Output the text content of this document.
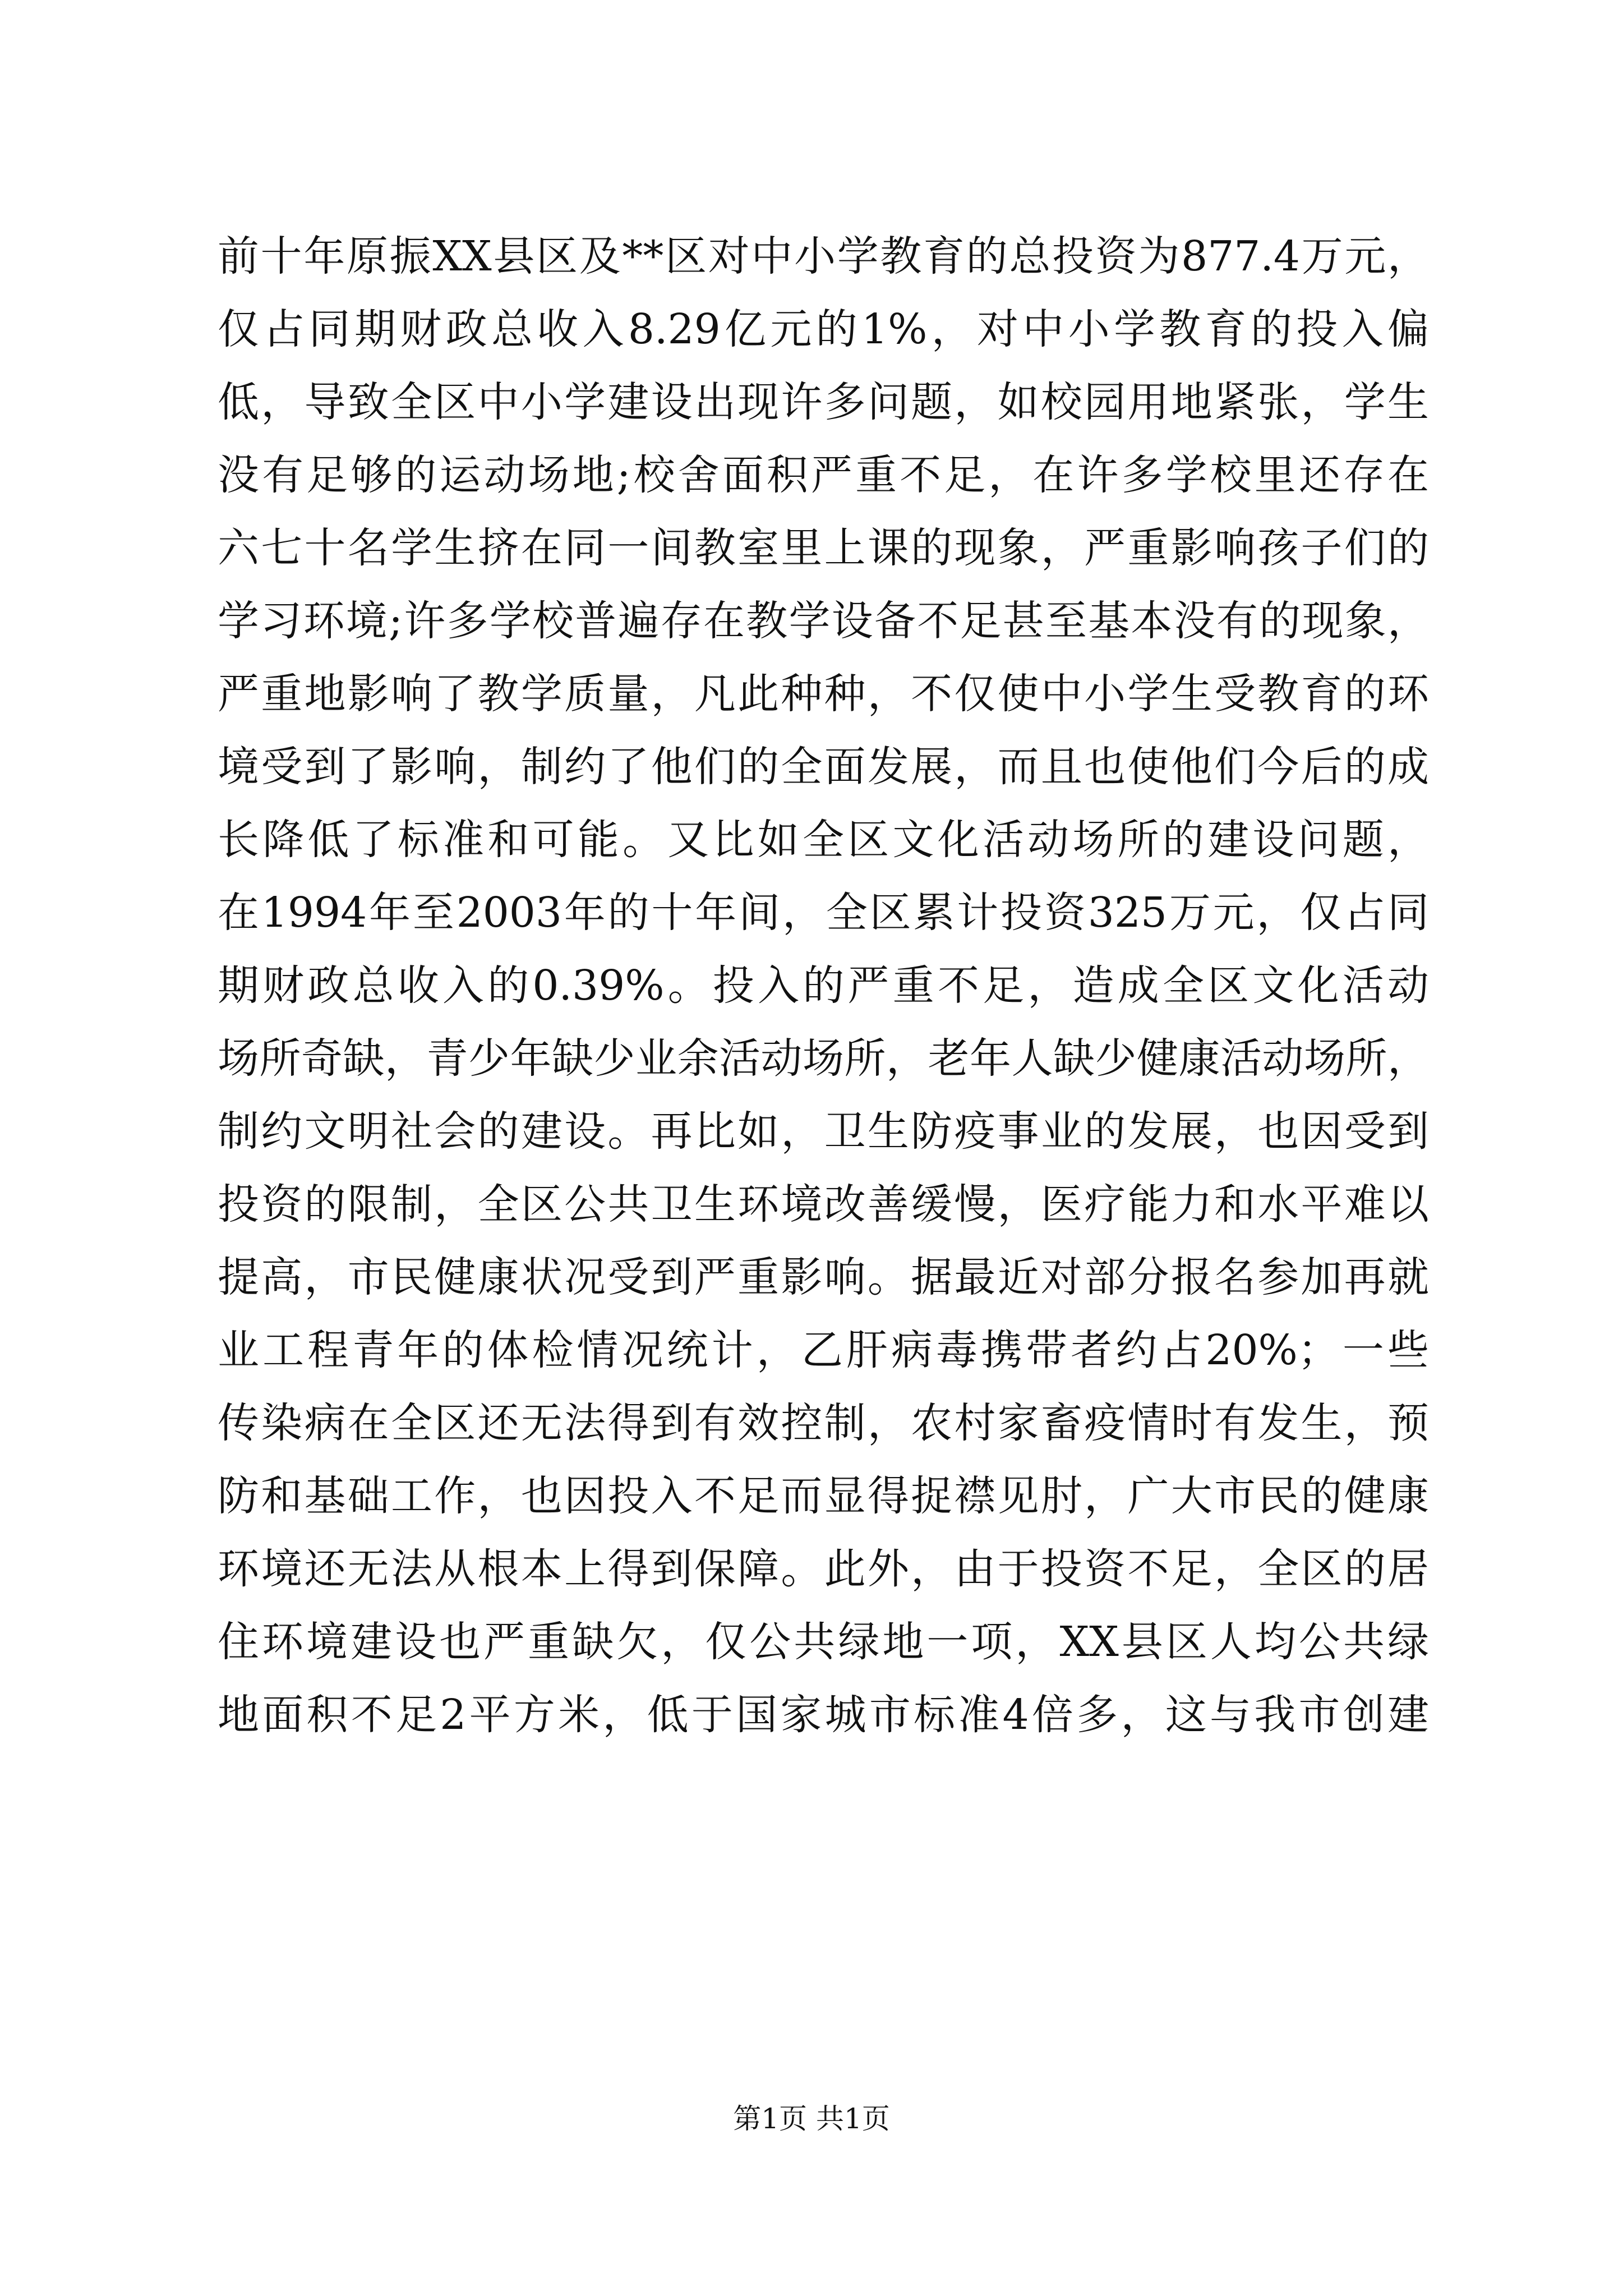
前十年原振XX县区及**区对中小学教育的总投资为877.4万元，
仅占同期财政总收入8.29亿元的1%，对中小学教育的投入偏
低，导致全区中小学建设出现许多问题，如校园用地紧张，学生
没有足够的运动场地;校舍面积严重不足，在许多学校里还存在
六七十名学生挤在同一间教室里上课的现象，严重影响孩子们的
学习环境;许多学校普遍存在教学设备不足甚至基本没有的现象，
严重地影响了教学质量，凡此种种，不仅使中小学生受教育的环
境受到了影响，制约了他们的全面发展，而且也使他们今后的成
长降低了标准和可能。又比如全区文化活动场所的建设问题，
在1994年至2003年的十年间，全区累计投资325万元，仅占同
期财政总收入的0.39%。投入的严重不足，造成全区文化活动
场所奇缺，青少年缺少业余活动场所，老年人缺少健康活动场所，
制约文明社会的建设。再比如，卫生防疫事业的发展，也因受到
投资的限制，全区公共卫生环境改善缓慢，医疗能力和水平难以
提高，市民健康状况受到严重影响。据最近对部分报名参加再就
业工程青年的体检情况统计，乙肝病毒携带者约占20%；一些
传染病在全区还无法得到有效控制，农村家畜疫情时有发生，预
防和基础工作，也因投入不足而显得捉襟见肘，广大市民的健康
环境还无法从根本上得到保障。此外，由于投资不足，全区的居
住环境建设也严重缺欠，仅公共绿地一项，XX县区人均公共绿
地面积不足2平方米，低于国家城市标准4倍多，这与我市创建
第1页 共1页
